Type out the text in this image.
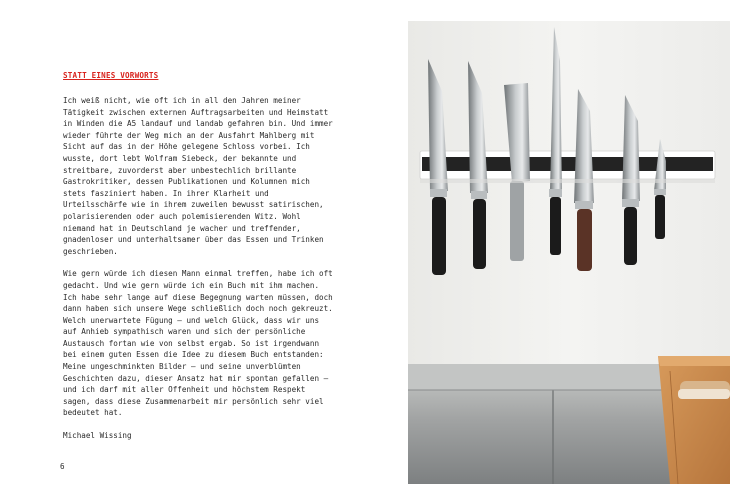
STATT EINES VORWORTS

Ich weiß nicht, wie oft ich in all den Jahren meiner Tätigkeit zwischen externen Auftragsarbeiten und Heimstatt in Winden die A5 landauf und landab gefahren bin. Und immer wieder führte der Weg mich an der Ausfahrt Mahlberg mit Sicht auf das in der Höhe gelegene Schloss vorbei. Ich wusste, dort lebt Wolfram Siebeck, der bekannte und streitbare, zuvorderst aber unbestechlich brillante Gastrokritiker, dessen Publikationen und Kolumnen mich stets fasziniert haben. In ihrer Klarheit und Urteilsschärfe wie in ihrem zuweilen bewusst satirischen, polarisierenden oder auch polemisierenden Witz. Wohl niemand hat in Deutschland je wacher und treffender, gnadenloser und unterhaltsamer über das Essen und Trinken geschrieben.

Wie gern würde ich diesen Mann einmal treffen, habe ich oft gedacht. Und wie gern würde ich ein Buch mit ihm machen. Ich habe sehr lange auf diese Begegnung warten müssen, doch dann haben sich unsere Wege schließlich doch noch gekreuzt. Welch unerwartete Fügung – und welch Glück, dass wir uns auf Anhieb sympathisch waren und sich der persönliche Austausch fortan wie von selbst ergab. So ist irgendwann bei einem guten Essen die Idee zu diesem Buch entstanden: Meine ungeschminkten Bilder – und seine unverblümten Geschichten dazu, dieser Ansatz hat mir spontan gefallen – und ich darf mit aller Offenheit und höchstem Respekt sagen, dass diese Zusammenarbeit mir persönlich sehr viel bedeutet hat.

Michael Wissing

6
